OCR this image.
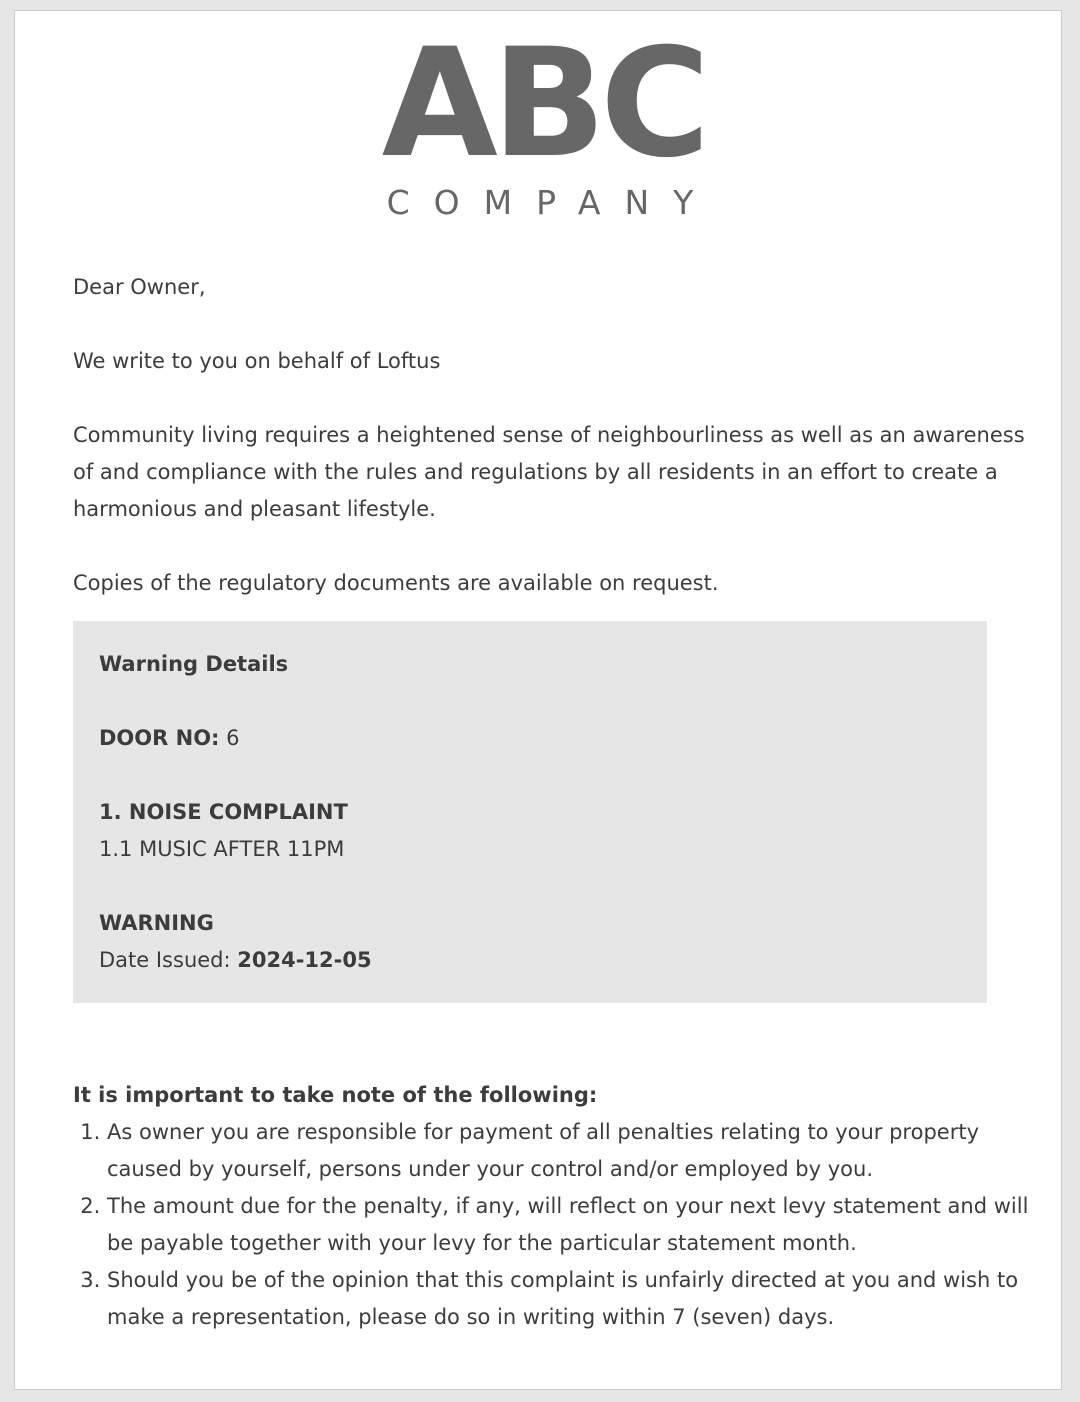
ABC
COMPANY

Dear Owner,

We write to you on behalf of Loftus

Community living requires a heightened sense of neighbourliness as well as an awareness of and compliance with the rules and regulations by all residents in an effort to create a harmonious and pleasant lifestyle.

Copies of the regulatory documents are available on request.

Warning Details
DOOR NO: 6
1. NOISE COMPLAINT
1.1 MUSIC AFTER 11PM
WARNING
Date Issued: 2024-12-05
It is important to take note of the following:
1. As owner you are responsible for payment of all penalties relating to your property caused by yourself, persons under your control and/or employed by you.
2. The amount due for the penalty, if any, will reflect on your next levy statement and will be payable together with your levy for the particular statement month.
3. Should you be of the opinion that this complaint is unfairly directed at you and wish to make a representation, please do so in writing within 7 (seven) days.
